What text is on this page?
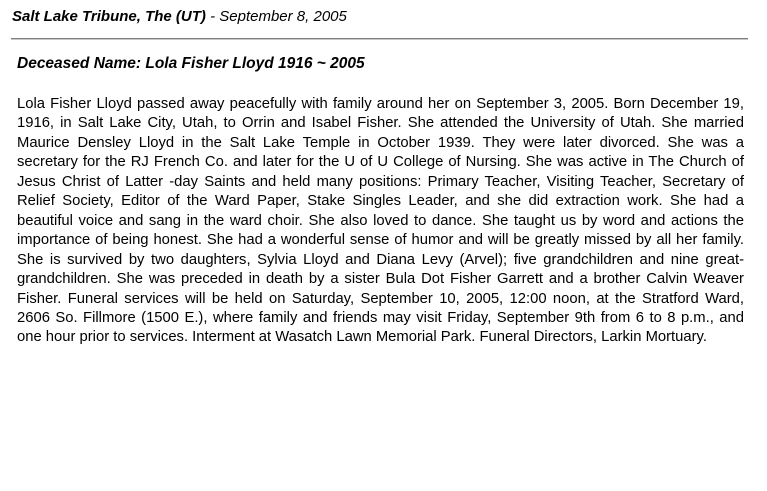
Salt Lake Tribune, The (UT) - September 8, 2005
Deceased Name: Lola Fisher Lloyd 1916 ~ 2005
Lola Fisher Lloyd passed away peacefully with family around her on September 3, 2005. Born December 19, 1916, in Salt Lake City, Utah, to Orrin and Isabel Fisher. She attended the University of Utah. She married Maurice Densley Lloyd in the Salt Lake Temple in October 1939. They were later divorced. She was a secretary for the RJ French Co. and later for the U of U College of Nursing. She was active in The Church of Jesus Christ of Latter -day Saints and held many positions: Primary Teacher, Visiting Teacher, Secretary of Relief Society, Editor of the Ward Paper, Stake Singles Leader, and she did extraction work. She had a beautiful voice and sang in the ward choir. She also loved to dance. She taught us by word and actions the importance of being honest. She had a wonderful sense of humor and will be greatly missed by all her family. She is survived by two daughters, Sylvia Lloyd and Diana Levy (Arvel); five grandchildren and nine great-grandchildren. She was preceded in death by a sister Bula Dot Fisher Garrett and a brother Calvin Weaver Fisher. Funeral services will be held on Saturday, September 10, 2005, 12:00 noon, at the Stratford Ward, 2606 So. Fillmore (1500 E.), where family and friends may visit Friday, September 9th from 6 to 8 p.m., and one hour prior to services. Interment at Wasatch Lawn Memorial Park. Funeral Directors, Larkin Mortuary.
